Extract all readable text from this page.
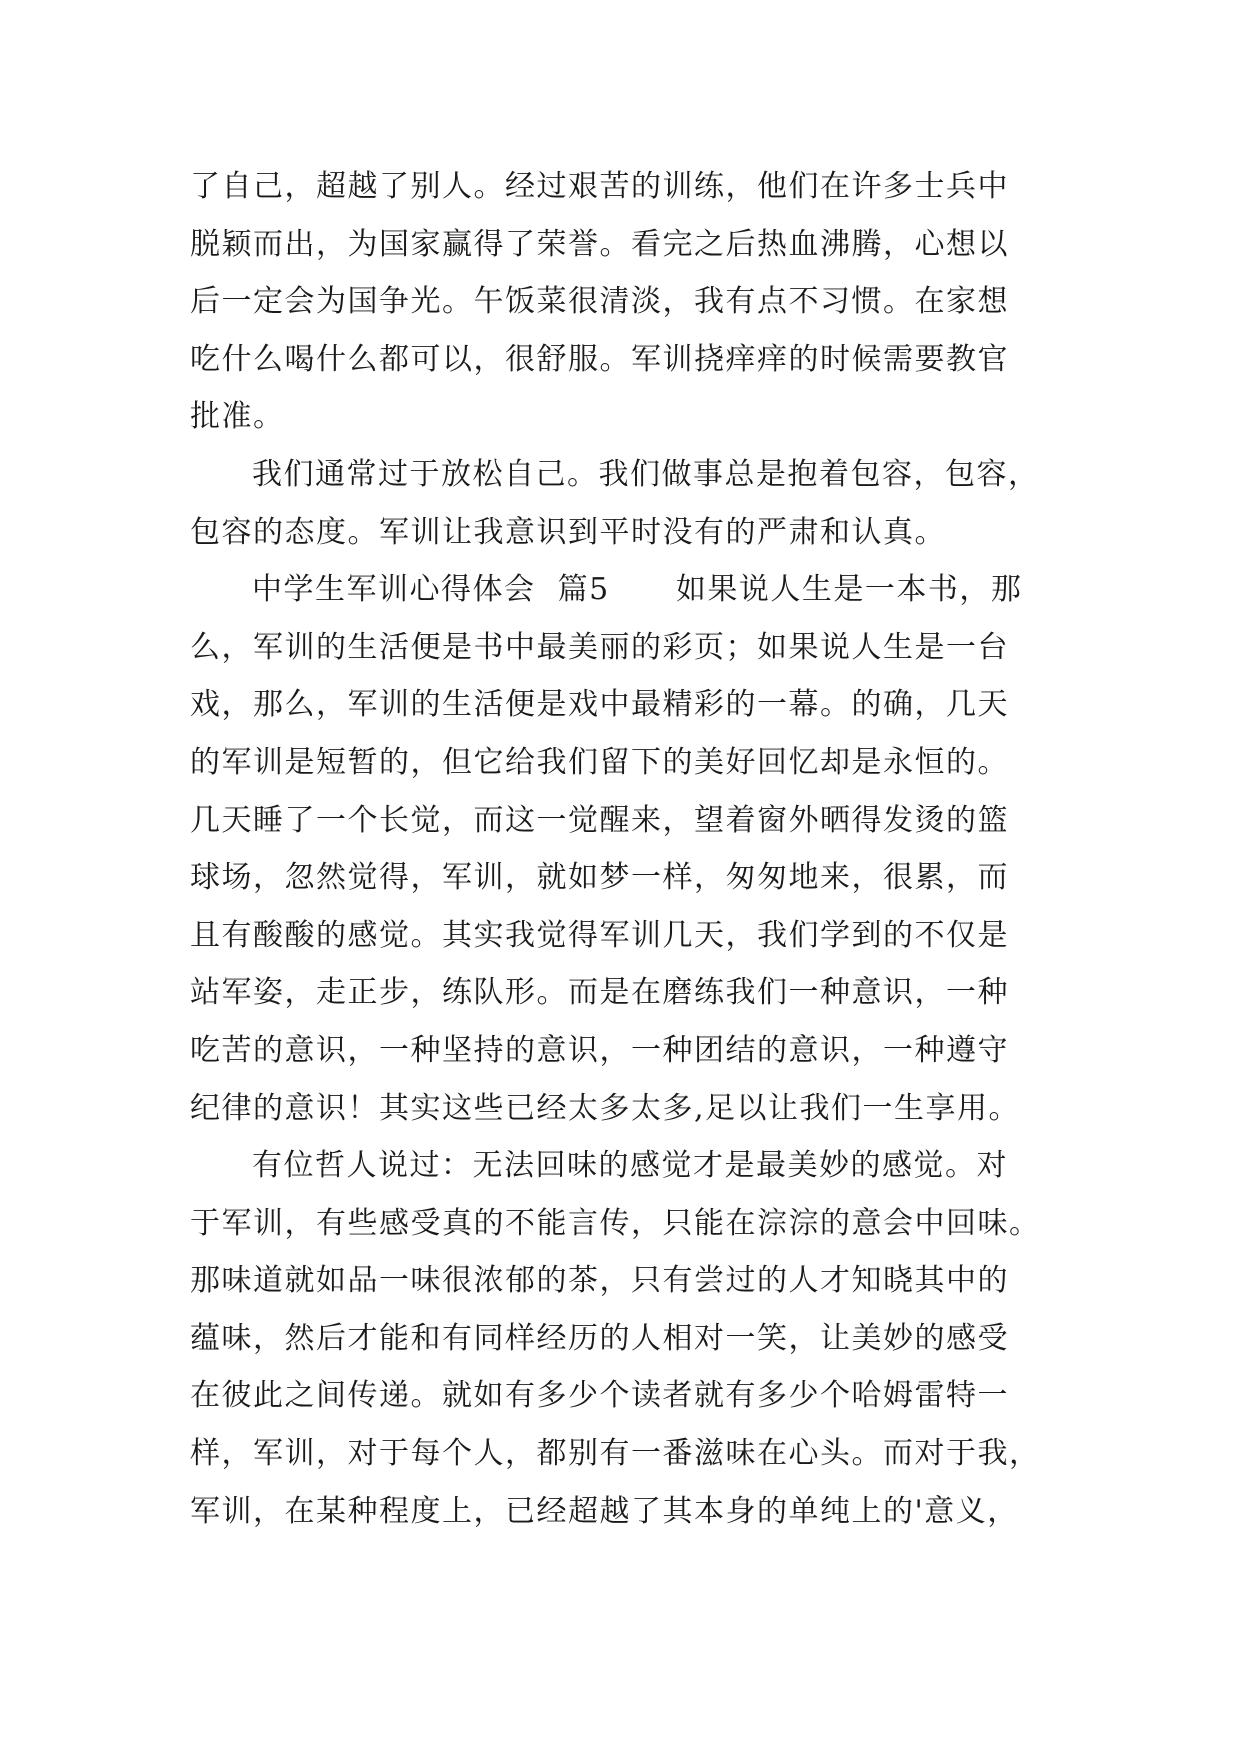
了自己，超越了别人。经过艰苦的训练，他们在许多士兵中
脱颖而出，为国家赢得了荣誉。看完之后热血沸腾，心想以
后一定会为国争光。午饭菜很清淡，我有点不习惯。在家想
吃什么喝什么都可以，很舒服。军训挠痒痒的时候需要教官
批准。
我们通常过于放松自己。我们做事总是抱着包容，包容，
包容的态度。军训让我意识到平时没有的严肃和认真。
中学生军训心得体会  篇5      如果说人生是一本书，那
么，军训的生活便是书中最美丽的彩页；如果说人生是一台
戏，那么，军训的生活便是戏中最精彩的一幕。的确，几天
的军训是短暂的，但它给我们留下的美好回忆却是永恒的。
几天睡了一个长觉，而这一觉醒来，望着窗外晒得发烫的篮
球场，忽然觉得，军训，就如梦一样，匆匆地来，很累，而
且有酸酸的感觉。其实我觉得军训几天，我们学到的不仅是
站军姿，走正步，练队形。而是在磨练我们一种意识，一种
吃苦的意识，一种坚持的意识，一种团结的意识，一种遵守
纪律的意识！其实这些已经太多太多,足以让我们一生享用。
有位哲人说过：无法回味的感觉才是最美妙的感觉。对
于军训，有些感受真的不能言传，只能在淙淙的意会中回味。
那味道就如品一味很浓郁的茶，只有尝过的人才知晓其中的
蕴味，然后才能和有同样经历的人相对一笑，让美妙的感受
在彼此之间传递。就如有多少个读者就有多少个哈姆雷特一
样，军训，对于每个人，都别有一番滋味在心头。而对于我，
军训，在某种程度上，已经超越了其本身的单纯上的'意义，
